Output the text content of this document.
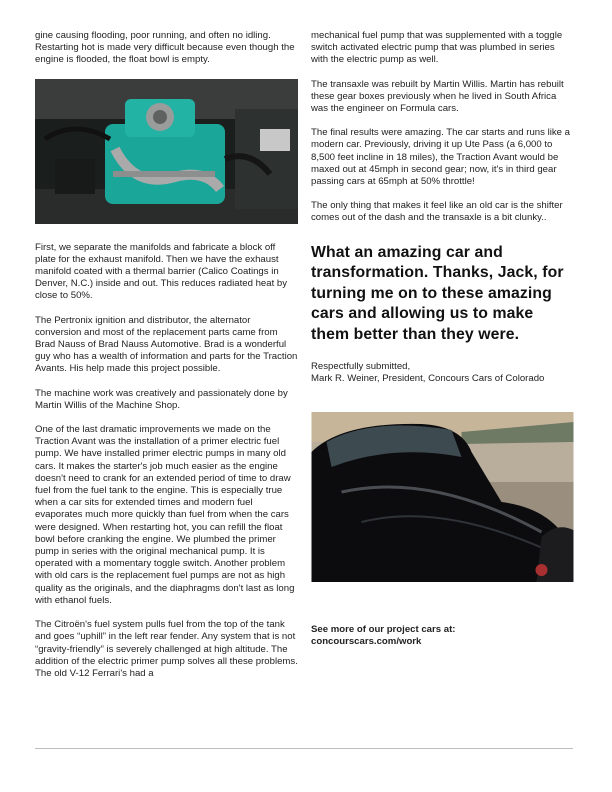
gine causing flooding, poor running, and often no idling. Restarting hot is made very difficult because even though the engine is flooded, the float bowl is empty.

First, we separate the manifolds and fabricate a block off plate for the exhaust manifold. Then we have the exhaust manifold coated with a thermal barrier (Calico Coatings in Denver, N.C.) inside and out. This reduces radiated heat by close to 50%.

The Pertronix ignition and distributor, the alternator conversion and most of the replacement parts came from Brad Nauss of Brad Nauss Automotive. Brad is a wonderful guy who has a wealth of information and parts for the Traction Avants. His help made this project possible.

The machine work was creatively and passionately done by Martin Willis of the Machine Shop.

One of the last dramatic improvements we made on the Traction Avant was the installation of a primer electric fuel pump. We have installed primer electric pumps in many old cars. It makes the starter's job much easier as the engine doesn't need to crank for an extended period of time to draw fuel from the fuel tank to the engine. This is especially true when a car sits for extended times and modern fuel evaporates much more quickly than fuel from when the cars were designed. When restarting hot, you can refill the float bowl before cranking the engine. We plumbed the primer pump in series with the original mechanical pump. It is operated with a momentary toggle switch. Another problem with old cars is the replacement fuel pumps are not as high quality as the originals, and the diaphragms don't last as long with ethanol fuels.

The Citroën's fuel system pulls fuel from the top of the tank and goes “uphill” in the left rear fender. Any system that is not “gravity-friendly” is severely challenged at high altitude. The addition of the electric primer pump solves all these problems. The old V-12 Ferrari's had a

mechanical fuel pump that was supplemented with a toggle switch activated electric pump that was plumbed in series with the electric pump as well.

The transaxle was rebuilt by Martin Willis. Martin has rebuilt these gear boxes previously when he lived in South Africa was the engineer on Formula cars.

The final results were amazing. The car starts and runs like a modern car. Previously, driving it up Ute Pass (a 6,000 to 8,500 feet incline in 18 miles), the Traction Avant would be maxed out at 45mph in second gear; now, it's in third gear passing cars at 65mph at 50% throttle!

The only thing that makes it feel like an old car is the shifter comes out of the dash and the transaxle is a bit clunky..

What an amazing car and transformation. Thanks, Jack, for turning me on to these amazing cars and allowing us to make them better than they were.

Respectfully submitted,
Mark R. Weiner, President, Concours Cars of Colorado

See more of our project cars at:
concourscars.com/work
